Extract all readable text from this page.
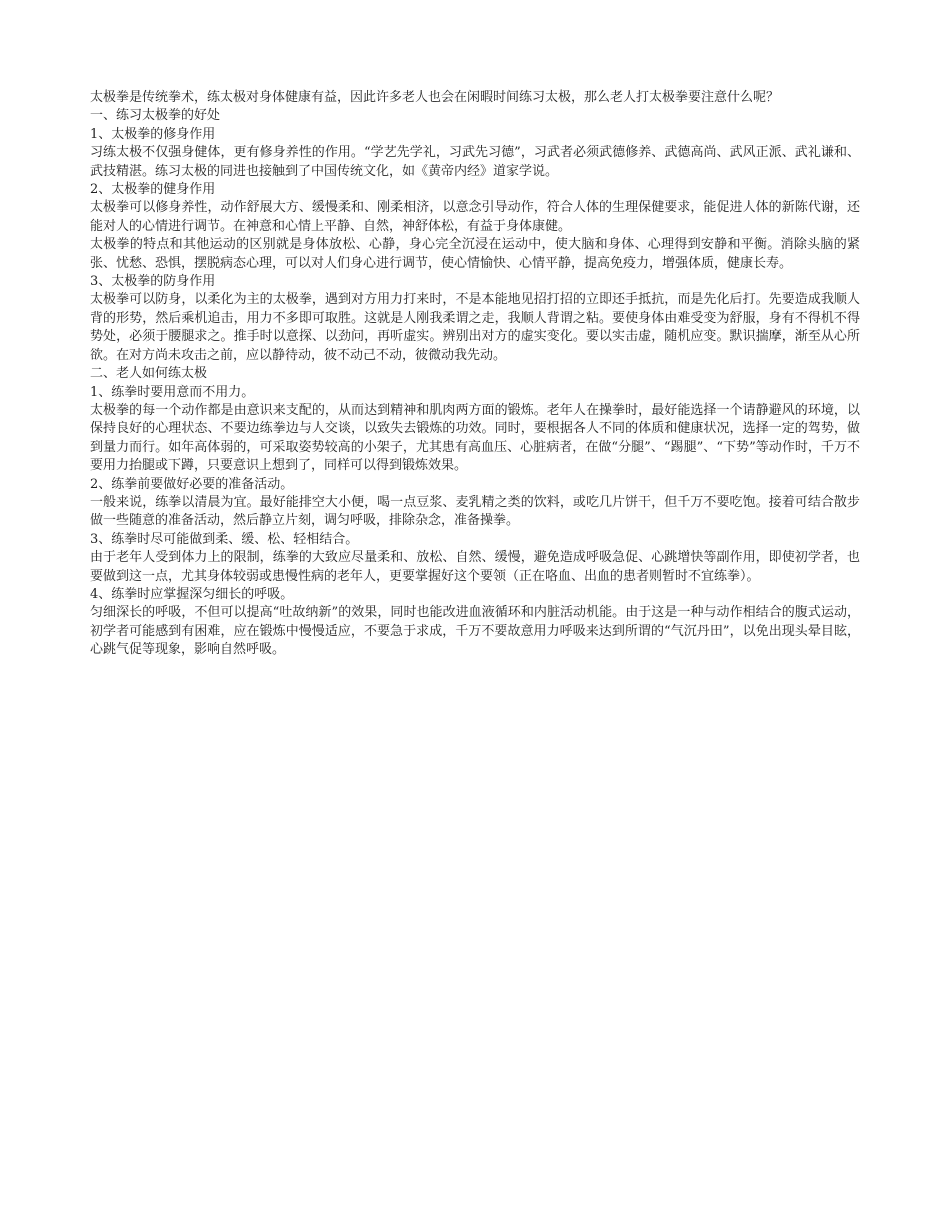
太极拳是传统拳术，练太极对身体健康有益，因此许多老人也会在闲暇时间练习太极，那么老人打太极拳要注意什么呢？

一、练习太极拳的好处

1、太极拳的修身作用

习练太极不仅强身健体，更有修身养性的作用。“学艺先学礼，习武先习德”，习武者必须武德修养、武德高尚、武风正派、武礼谦和、武技精湛。练习太极的同进也接触到了中国传统文化，如《黄帝内经》道家学说。

2、太极拳的健身作用

太极拳可以修身养性，动作舒展大方、缓慢柔和、刚柔相济，以意念引导动作，符合人体的生理保健要求，能促进人体的新陈代谢，还能对人的心情进行调节。在神意和心情上平静、自然，神舒体松，有益于身体康健。

太极拳的特点和其他运动的区别就是身体放松、心静，身心完全沉浸在运动中，使大脑和身体、心理得到安静和平衡。消除头脑的紧张、忧愁、恐惧，摆脱病态心理，可以对人们身心进行调节，使心情愉快、心情平静，提高免疫力，增强体质，健康长寿。

3、太极拳的防身作用

太极拳可以防身，以柔化为主的太极拳，遇到对方用力打来时，不是本能地见招打招的立即还手抵抗，而是先化后打。先要造成我顺人背的形势，然后乘机追击，用力不多即可取胜。这就是人刚我柔谓之走，我顺人背谓之粘。要使身体由难受变为舒服，身有不得机不得势处，必须于腰腿求之。推手时以意探、以劲问，再听虚实。辨别出对方的虚实变化。要以实击虚，随机应变。默识揣摩，渐至从心所欲。在对方尚未攻击之前，应以静待动，彼不动己不动，彼微动我先动。

二、老人如何练太极

1、练拳时要用意而不用力。

太极拳的每一个动作都是由意识来支配的，从而达到精神和肌肉两方面的锻炼。老年人在操拳时，最好能选择一个请静避风的环境，以保持良好的心理状态、不要边练拳边与人交谈，以致失去锻炼的功效。同时，要根据各人不同的体质和健康状况，选择一定的驾势，做到量力而行。如年高体弱的，可采取姿势较高的小架子，尤其患有高血压、心脏病者，在做“分腿”、“踢腿”、“下势”等动作时，千万不要用力抬腿或下蹲，只要意识上想到了，同样可以得到锻炼效果。

2、练拳前要做好必要的准备活动。

一般来说，练拳以清晨为宜。最好能排空大小便，喝一点豆浆、麦乳精之类的饮料，或吃几片饼干，但千万不要吃饱。接着可结合散步做一些随意的准备活动，然后静立片刻，调匀呼吸，排除杂念，准备操拳。

3、练拳时尽可能做到柔、缓、松、轻相结合。

由于老年人受到体力上的限制，练拳的大致应尽量柔和、放松、自然、缓慢，避免造成呼吸急促、心跳增快等副作用，即使初学者，也要做到这一点，尤其身体较弱或患慢性病的老年人，更要掌握好这个要领（正在咯血、出血的患者则暂时不宜练拳）。

4、练拳时应掌握深匀细长的呼吸。

匀细深长的呼吸，不但可以提高“吐故纳新”的效果，同时也能改进血液循环和内脏活动机能。由于这是一种与动作相结合的腹式运动，初学者可能感到有困难，应在锻炼中慢慢适应，不要急于求成，千万不要故意用力呼吸来达到所谓的“气沉丹田”，以免出现头晕目眩，心跳气促等现象，影响自然呼吸。
